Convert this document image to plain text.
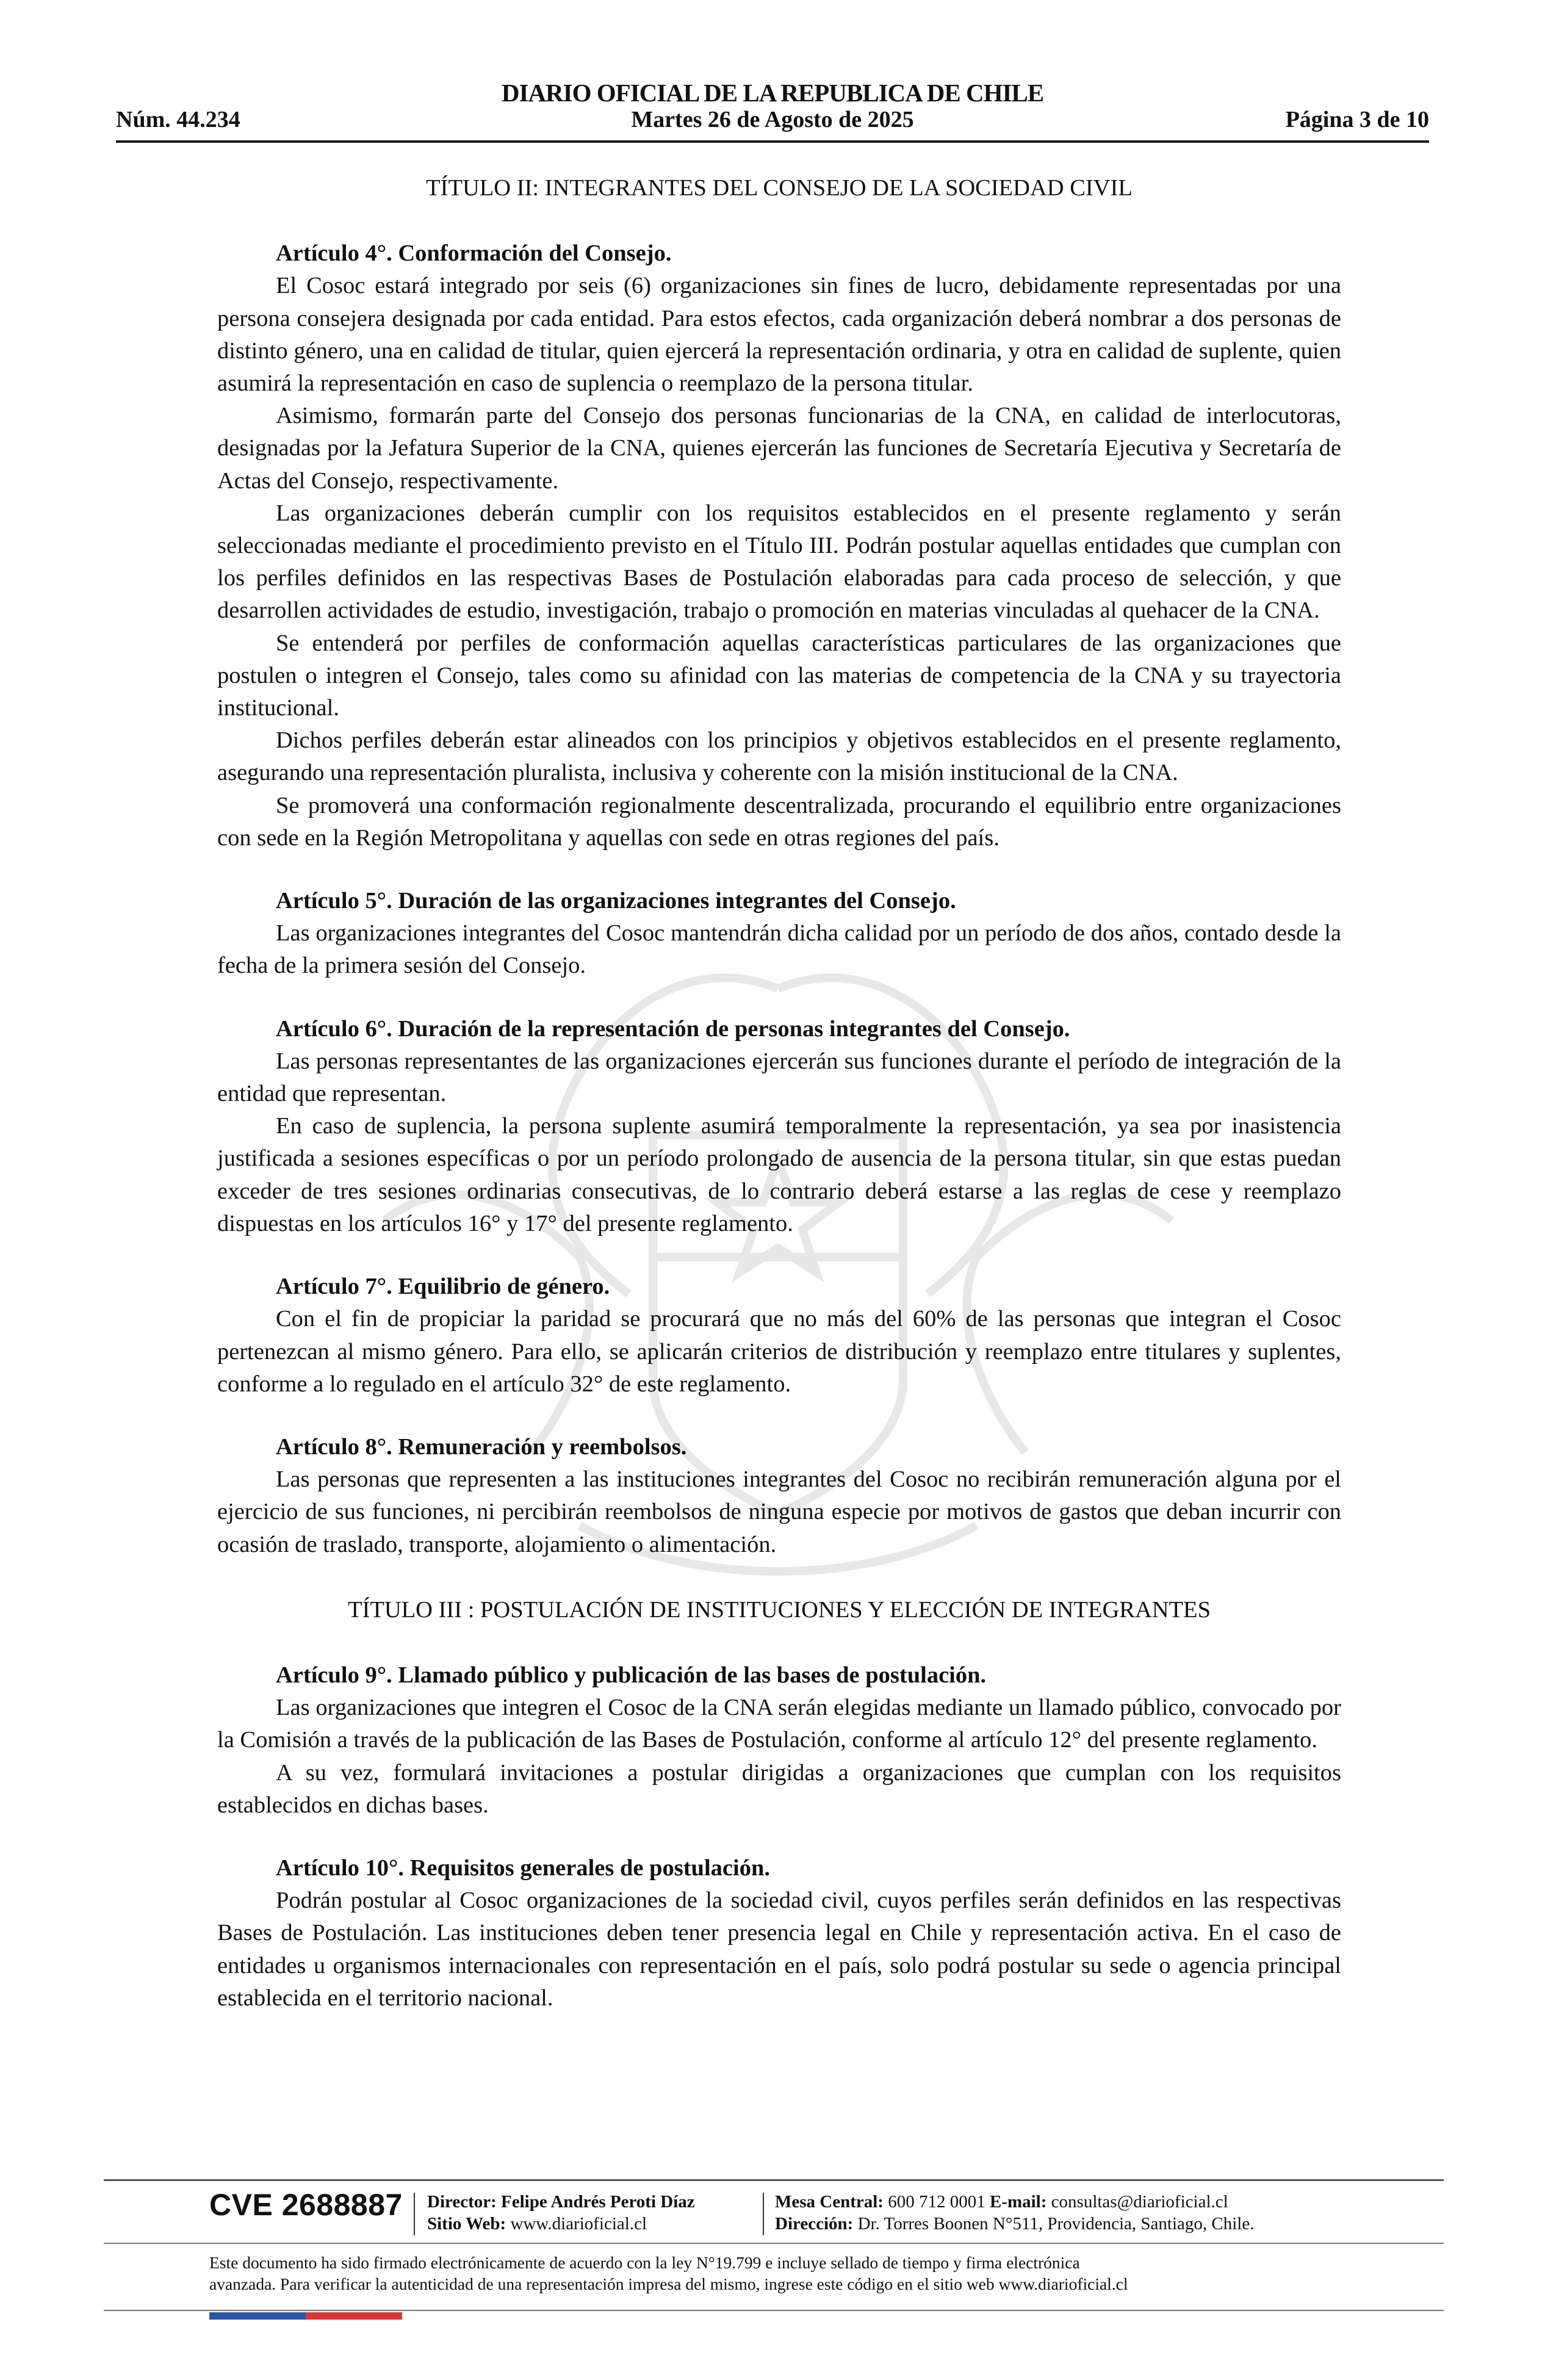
DIARIO OFICIAL DE LA REPUBLICA DE CHILE
Núm. 44.234	Martes 26 de Agosto de 2025	Página 3 de 10
TÍTULO II: INTEGRANTES DEL CONSEJO DE LA SOCIEDAD CIVIL
Artículo 4°. Conformación del Consejo.

El Cosoc estará integrado por seis (6) organizaciones sin fines de lucro, debidamente representadas por una persona consejera designada por cada entidad. Para estos efectos, cada organización deberá nombrar a dos personas de distinto género, una en calidad de titular, quien ejercerá la representación ordinaria, y otra en calidad de suplente, quien asumirá la representación en caso de suplencia o reemplazo de la persona titular.

Asimismo, formarán parte del Consejo dos personas funcionarias de la CNA, en calidad de interlocutoras, designadas por la Jefatura Superior de la CNA, quienes ejercerán las funciones de Secretaría Ejecutiva y Secretaría de Actas del Consejo, respectivamente.

Las organizaciones deberán cumplir con los requisitos establecidos en el presente reglamento y serán seleccionadas mediante el procedimiento previsto en el Título III. Podrán postular aquellas entidades que cumplan con los perfiles definidos en las respectivas Bases de Postulación elaboradas para cada proceso de selección, y que desarrollen actividades de estudio, investigación, trabajo o promoción en materias vinculadas al quehacer de la CNA.

Se entenderá por perfiles de conformación aquellas características particulares de las organizaciones que postulen o integren el Consejo, tales como su afinidad con las materias de competencia de la CNA y su trayectoria institucional.

Dichos perfiles deberán estar alineados con los principios y objetivos establecidos en el presente reglamento, asegurando una representación pluralista, inclusiva y coherente con la misión institucional de la CNA.

Se promoverá una conformación regionalmente descentralizada, procurando el equilibrio entre organizaciones con sede en la Región Metropolitana y aquellas con sede en otras regiones del país.

Artículo 5°. Duración de las organizaciones integrantes del Consejo.

Las organizaciones integrantes del Cosoc mantendrán dicha calidad por un período de dos años, contado desde la fecha de la primera sesión del Consejo.

Artículo 6°. Duración de la representación de personas integrantes del Consejo.

Las personas representantes de las organizaciones ejercerán sus funciones durante el período de integración de la entidad que representan.

En caso de suplencia, la persona suplente asumirá temporalmente la representación, ya sea por inasistencia justificada a sesiones específicas o por un período prolongado de ausencia de la persona titular, sin que estas puedan exceder de tres sesiones ordinarias consecutivas, de lo contrario deberá estarse a las reglas de cese y reemplazo dispuestas en los artículos 16° y 17° del presente reglamento.

Artículo 7°. Equilibrio de género.

Con el fin de propiciar la paridad se procurará que no más del 60% de las personas que integran el Cosoc pertenezcan al mismo género. Para ello, se aplicarán criterios de distribución y reemplazo entre titulares y suplentes, conforme a lo regulado en el artículo 32° de este reglamento.

Artículo 8°. Remuneración y reembolsos.

Las personas que representen a las instituciones integrantes del Cosoc no recibirán remuneración alguna por el ejercicio de sus funciones, ni percibirán reembolsos de ninguna especie por motivos de gastos que deban incurrir con ocasión de traslado, transporte, alojamiento o alimentación.

TÍTULO III : POSTULACIÓN DE INSTITUCIONES Y ELECCIÓN DE INTEGRANTES
Artículo 9°. Llamado público y publicación de las bases de postulación.

Las organizaciones que integren el Cosoc de la CNA serán elegidas mediante un llamado público, convocado por la Comisión a través de la publicación de las Bases de Postulación, conforme al artículo 12° del presente reglamento.

A su vez, formulará invitaciones a postular dirigidas a organizaciones que cumplan con los requisitos establecidos en dichas bases.

Artículo 10°. Requisitos generales de postulación.

Podrán postular al Cosoc organizaciones de la sociedad civil, cuyos perfiles serán definidos en las respectivas Bases de Postulación. Las instituciones deben tener presencia legal en Chile y representación activa. En el caso de entidades u organismos internacionales con representación en el país, solo podrá postular su sede o agencia principal establecida en el territorio nacional.

CVE 2688887 Director: Felipe Andrés Peroti Díaz
Sitio Web: www.diarioficial.cl
Mesa Central: 600 712 0001 E-mail: consultas@diarioficial.cl
Dirección: Dr. Torres Boonen N°511, Providencia, Santiago, Chile.
Este documento ha sido firmado electrónicamente de acuerdo con la ley N°19.799 e incluye sellado de tiempo y firma electrónica
avanzada. Para verificar la autenticidad de una representación impresa del mismo, ingrese este código en el sitio web www.diarioficial.cl
